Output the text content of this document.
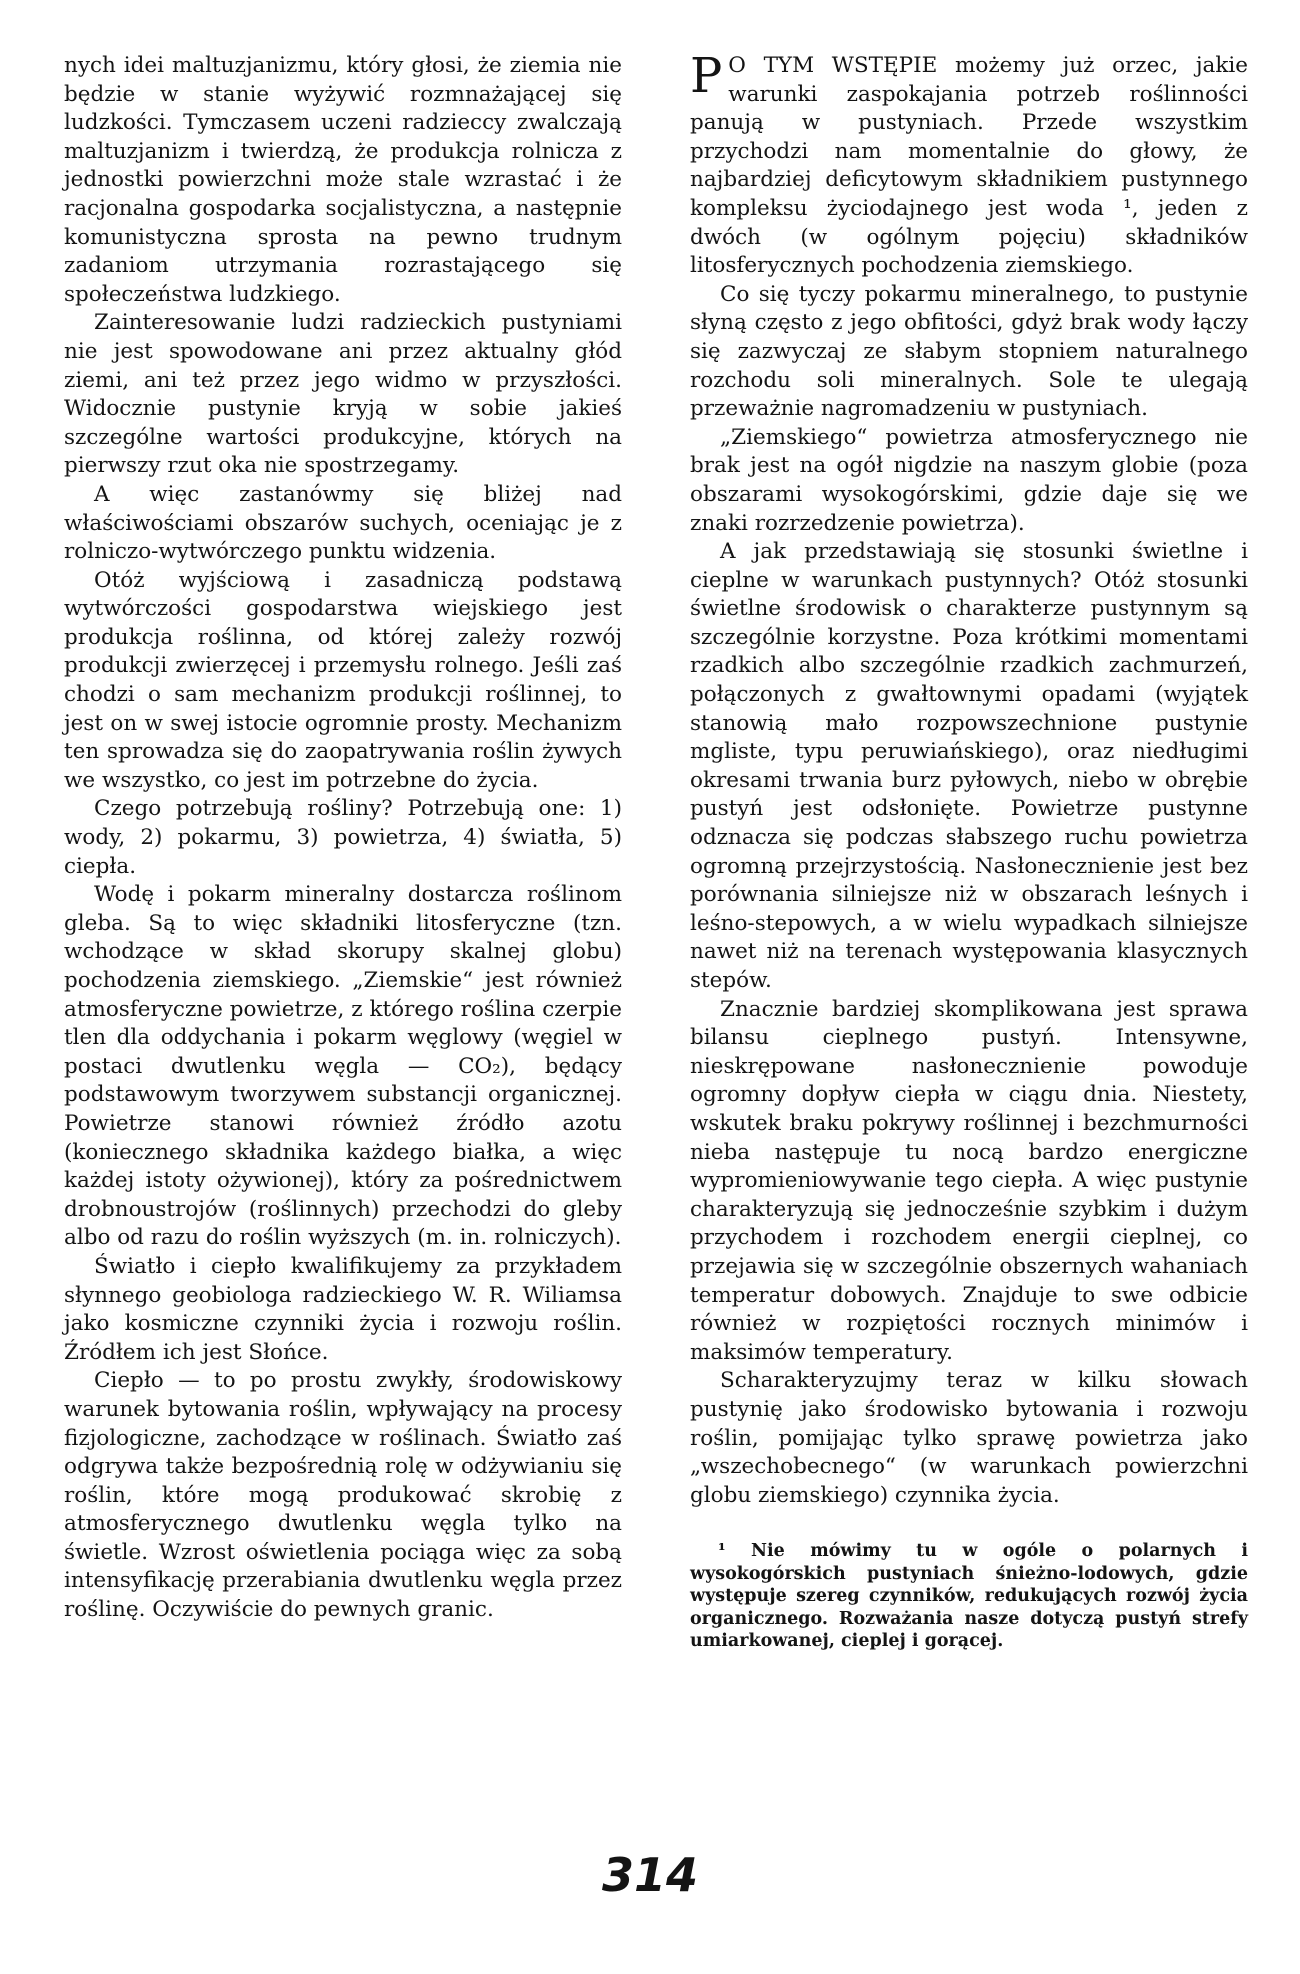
nych idei maltuzjanizmu, który głosi, że ziemia nie będzie w stanie wyżywić rozmnażającej się ludzkości. Tymczasem uczeni radzieccy zwalczają maltuzjanizm i twierdzą, że produkcja rolnicza z jednostki powierzchni może stale wzrastać i że racjonalna gospodarka socjalistyczna, a następnie komunistyczna sprosta na pewno trudnym zadaniom utrzymania rozrastającego się społeczeństwa ludzkiego.

Zainteresowanie ludzi radzieckich pustyniami nie jest spowodowane ani przez aktualny głód ziemi, ani też przez jego widmo w przyszłości. Widocznie pustynie kryją w sobie jakieś szczególne wartości produkcyjne, których na pierwszy rzut oka nie spostrzegamy.

A więc zastanówmy się bliżej nad właściwościami obszarów suchych, oceniając je z rolniczo-wytwórczego punktu widzenia.

Otóż wyjściową i zasadniczą podstawą wytwórczości gospodarstwa wiejskiego jest produkcja roślinna, od której zależy rozwój produkcji zwierzęcej i przemysłu rolnego. Jeśli zaś chodzi o sam mechanizm produkcji roślinnej, to jest on w swej istocie ogromnie prosty. Mechanizm ten sprowadza się do zaopatrywania roślin żywych we wszystko, co jest im potrzebne do życia.

Czego potrzebują rośliny? Potrzebują one: 1) wody, 2) pokarmu, 3) powietrza, 4) światła, 5) ciepła.

Wodę i pokarm mineralny dostarcza roślinom gleba. Są to więc składniki litosferyczne (tzn. wchodzące w skład skorupy skalnej globu) pochodzenia ziemskiego. „Ziemskie“ jest również atmosferyczne powietrze, z którego roślina czerpie tlen dla oddychania i pokarm węglowy (węgiel w postaci dwutlenku węgla — CO₂), będący podstawowym tworzywem substancji organicznej. Powietrze stanowi również źródło azotu (koniecznego składnika każdego białka, a więc każdej istoty ożywionej), który za pośrednictwem drobnoustrojów (roślinnych) przechodzi do gleby albo od razu do roślin wyższych (m. in. rolniczych).

Światło i ciepło kwalifikujemy za przykładem słynnego geobiologa radzieckiego W. R. Wiliamsa jako kosmiczne czynniki życia i rozwoju roślin. Źródłem ich jest Słońce.

Ciepło — to po prostu zwykły, środowiskowy warunek bytowania roślin, wpływający na procesy fizjologiczne, zachodzące w roślinach. Światło zaś odgrywa także bezpośrednią rolę w odżywianiu się roślin, które mogą produkować skrobię z atmosferycznego dwutlenku węgla tylko na świetle. Wzrost oświetlenia pociąga więc za sobą intensyfikację przerabiania dwutlenku węgla przez roślinę. Oczywiście do pewnych granic.

P O TYM WSTĘPIE możemy już orzec, jakie warunki zaspokajania potrzeb roślinności panują w pustyniach. Przede wszystkim przychodzi nam momentalnie do głowy, że najbardziej deficytowym składnikiem pustynnego kompleksu życiodajnego jest woda ¹, jeden z dwóch (w ogólnym pojęciu) składników litosferycznych pochodzenia ziemskiego.

Co się tyczy pokarmu mineralnego, to pustynie słyną często z jego obfitości, gdyż brak wody łączy się zazwyczaj ze słabym stopniem naturalnego rozchodu soli mineralnych. Sole te ulegają przeważnie nagromadzeniu w pustyniach.

„Ziemskiego“ powietrza atmosferycznego nie brak jest na ogół nigdzie na naszym globie (poza obszarami wysokogórskimi, gdzie daje się we znaki rozrzedzenie powietrza).

A jak przedstawiają się stosunki świetlne i cieplne w warunkach pustynnych? Otóż stosunki świetlne środowisk o charakterze pustynnym są szczególnie korzystne. Poza krótkimi momentami rzadkich albo szczególnie rzadkich zachmurzeń, połączonych z gwałtownymi opadami (wyjątek stanowią mało rozpowszechnione pustynie mgliste, typu peruwiańskiego), oraz niedługimi okresami trwania burz pyłowych, niebo w obrębie pustyń jest odsłonięte. Powietrze pustynne odznacza się podczas słabszego ruchu powietrza ogromną przejrzystością. Nasłonecznienie jest bez porównania silniejsze niż w obszarach leśnych i leśno-stepowych, a w wielu wypadkach silniejsze nawet niż na terenach występowania klasycznych stepów.

Znacznie bardziej skomplikowana jest sprawa bilansu cieplnego pustyń. Intensywne, nieskrępowane nasłonecznienie powoduje ogromny dopływ ciepła w ciągu dnia. Niestety, wskutek braku pokrywy roślinnej i bezchmurności nieba następuje tu nocą bardzo energiczne wypromieniowywanie tego ciepła. A więc pustynie charakteryzują się jednocześnie szybkim i dużym przychodem i rozchodem energii cieplnej, co przejawia się w szczególnie obszernych wahaniach temperatur dobowych. Znajduje to swe odbicie również w rozpiętości rocznych minimów i maksimów temperatury.

Scharakteryzujmy teraz w kilku słowach pustynię jako środowisko bytowania i rozwoju roślin, pomijając tylko sprawę powietrza jako „wszechobecnego“ (w warunkach powierzchni globu ziemskiego) czynnika życia.

¹ Nie mówimy tu w ogóle o polarnych i wysokogórskich pustyniach śnieżno-lodowych, gdzie występuje szereg czynników, redukujących rozwój życia organicznego. Rozważania nasze dotyczą pustyń strefy umiarkowanej, cieplej i gorącej.

314
